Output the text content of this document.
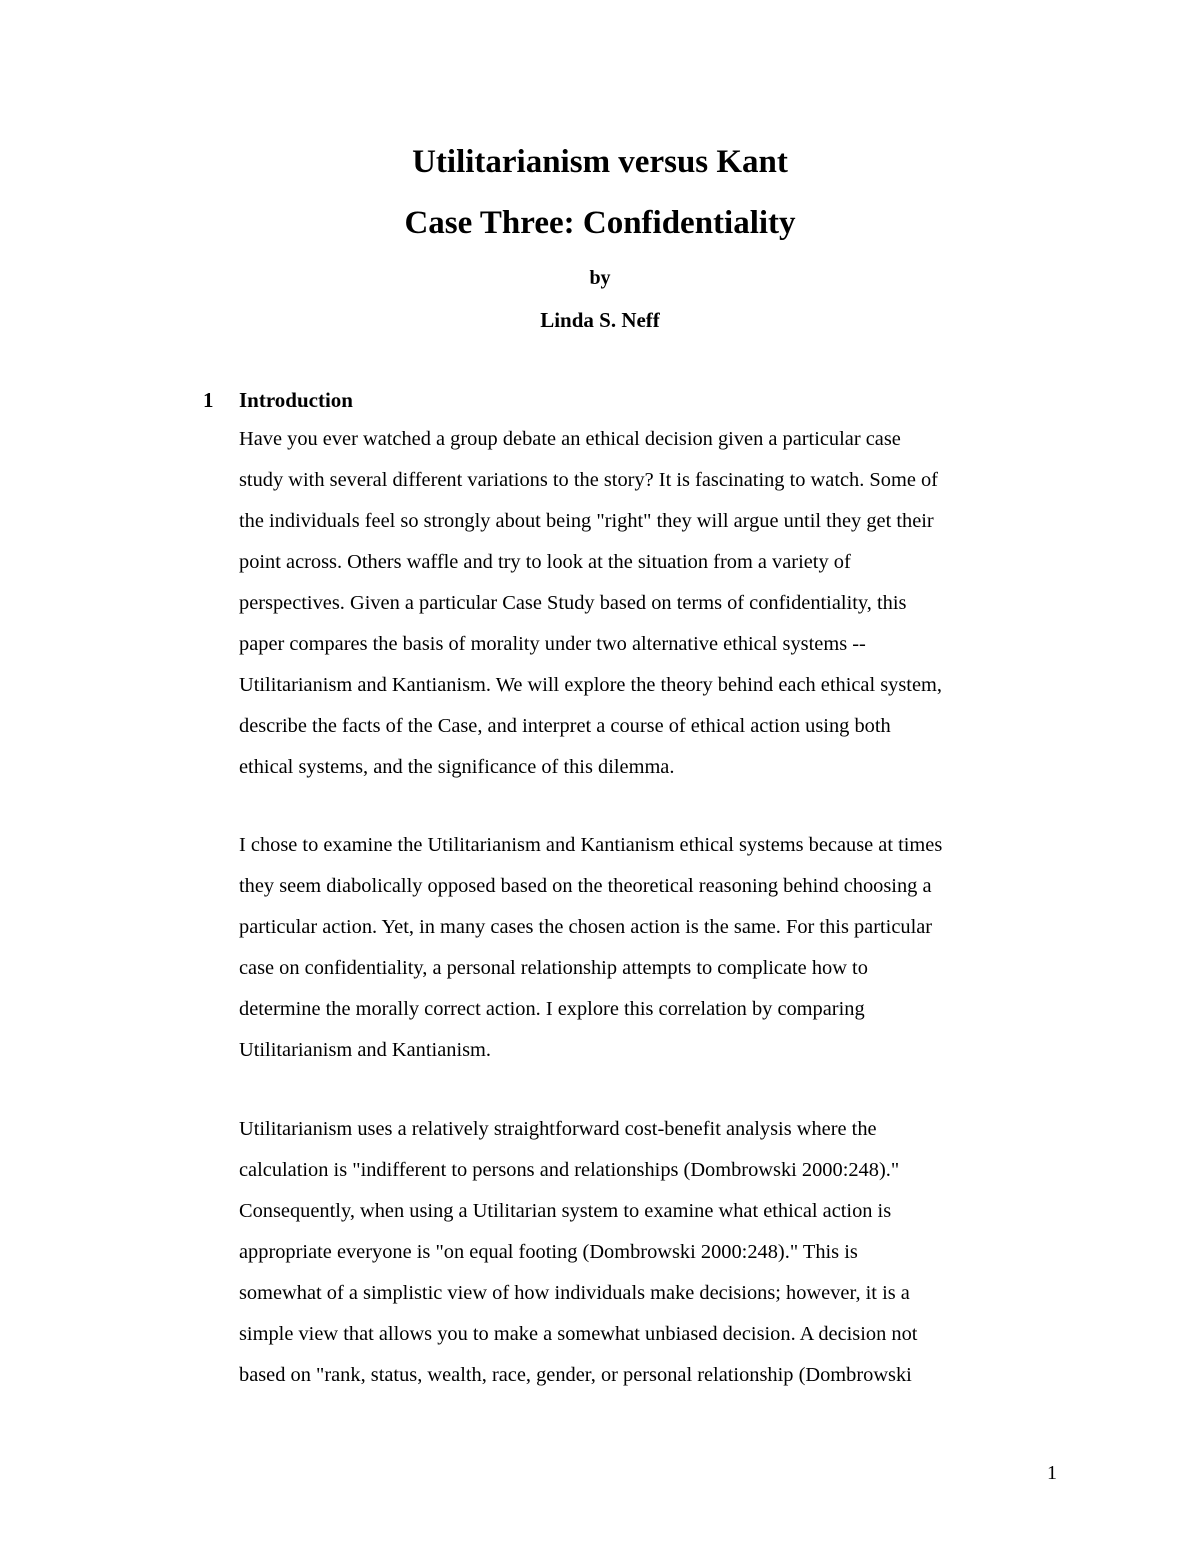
Utilitarianism versus Kant
Case Three: Confidentiality
by
Linda S. Neff
1 Introduction
Have you ever watched a group debate an ethical decision given a particular case
study with several different variations to the story? It is fascinating to watch. Some of
the individuals feel so strongly about being "right" they will argue until they get their
point across. Others waffle and try to look at the situation from a variety of
perspectives. Given a particular Case Study based on terms of confidentiality, this
paper compares the basis of morality under two alternative ethical systems --
Utilitarianism and Kantianism. We will explore the theory behind each ethical system,
describe the facts of the Case, and interpret a course of ethical action using both
ethical systems, and the significance of this dilemma.
I chose to examine the Utilitarianism and Kantianism ethical systems because at times
they seem diabolically opposed based on the theoretical reasoning behind choosing a
particular action. Yet, in many cases the chosen action is the same. For this particular
case on confidentiality, a personal relationship attempts to complicate how to
determine the morally correct action. I explore this correlation by comparing
Utilitarianism and Kantianism.
Utilitarianism uses a relatively straightforward cost-benefit analysis where the
calculation is "indifferent to persons and relationships (Dombrowski 2000:248)."
Consequently, when using a Utilitarian system to examine what ethical action is
appropriate everyone is "on equal footing (Dombrowski 2000:248)." This is
somewhat of a simplistic view of how individuals make decisions; however, it is a
simple view that allows you to make a somewhat unbiased decision. A decision not
based on "rank, status, wealth, race, gender, or personal relationship (Dombrowski
1
